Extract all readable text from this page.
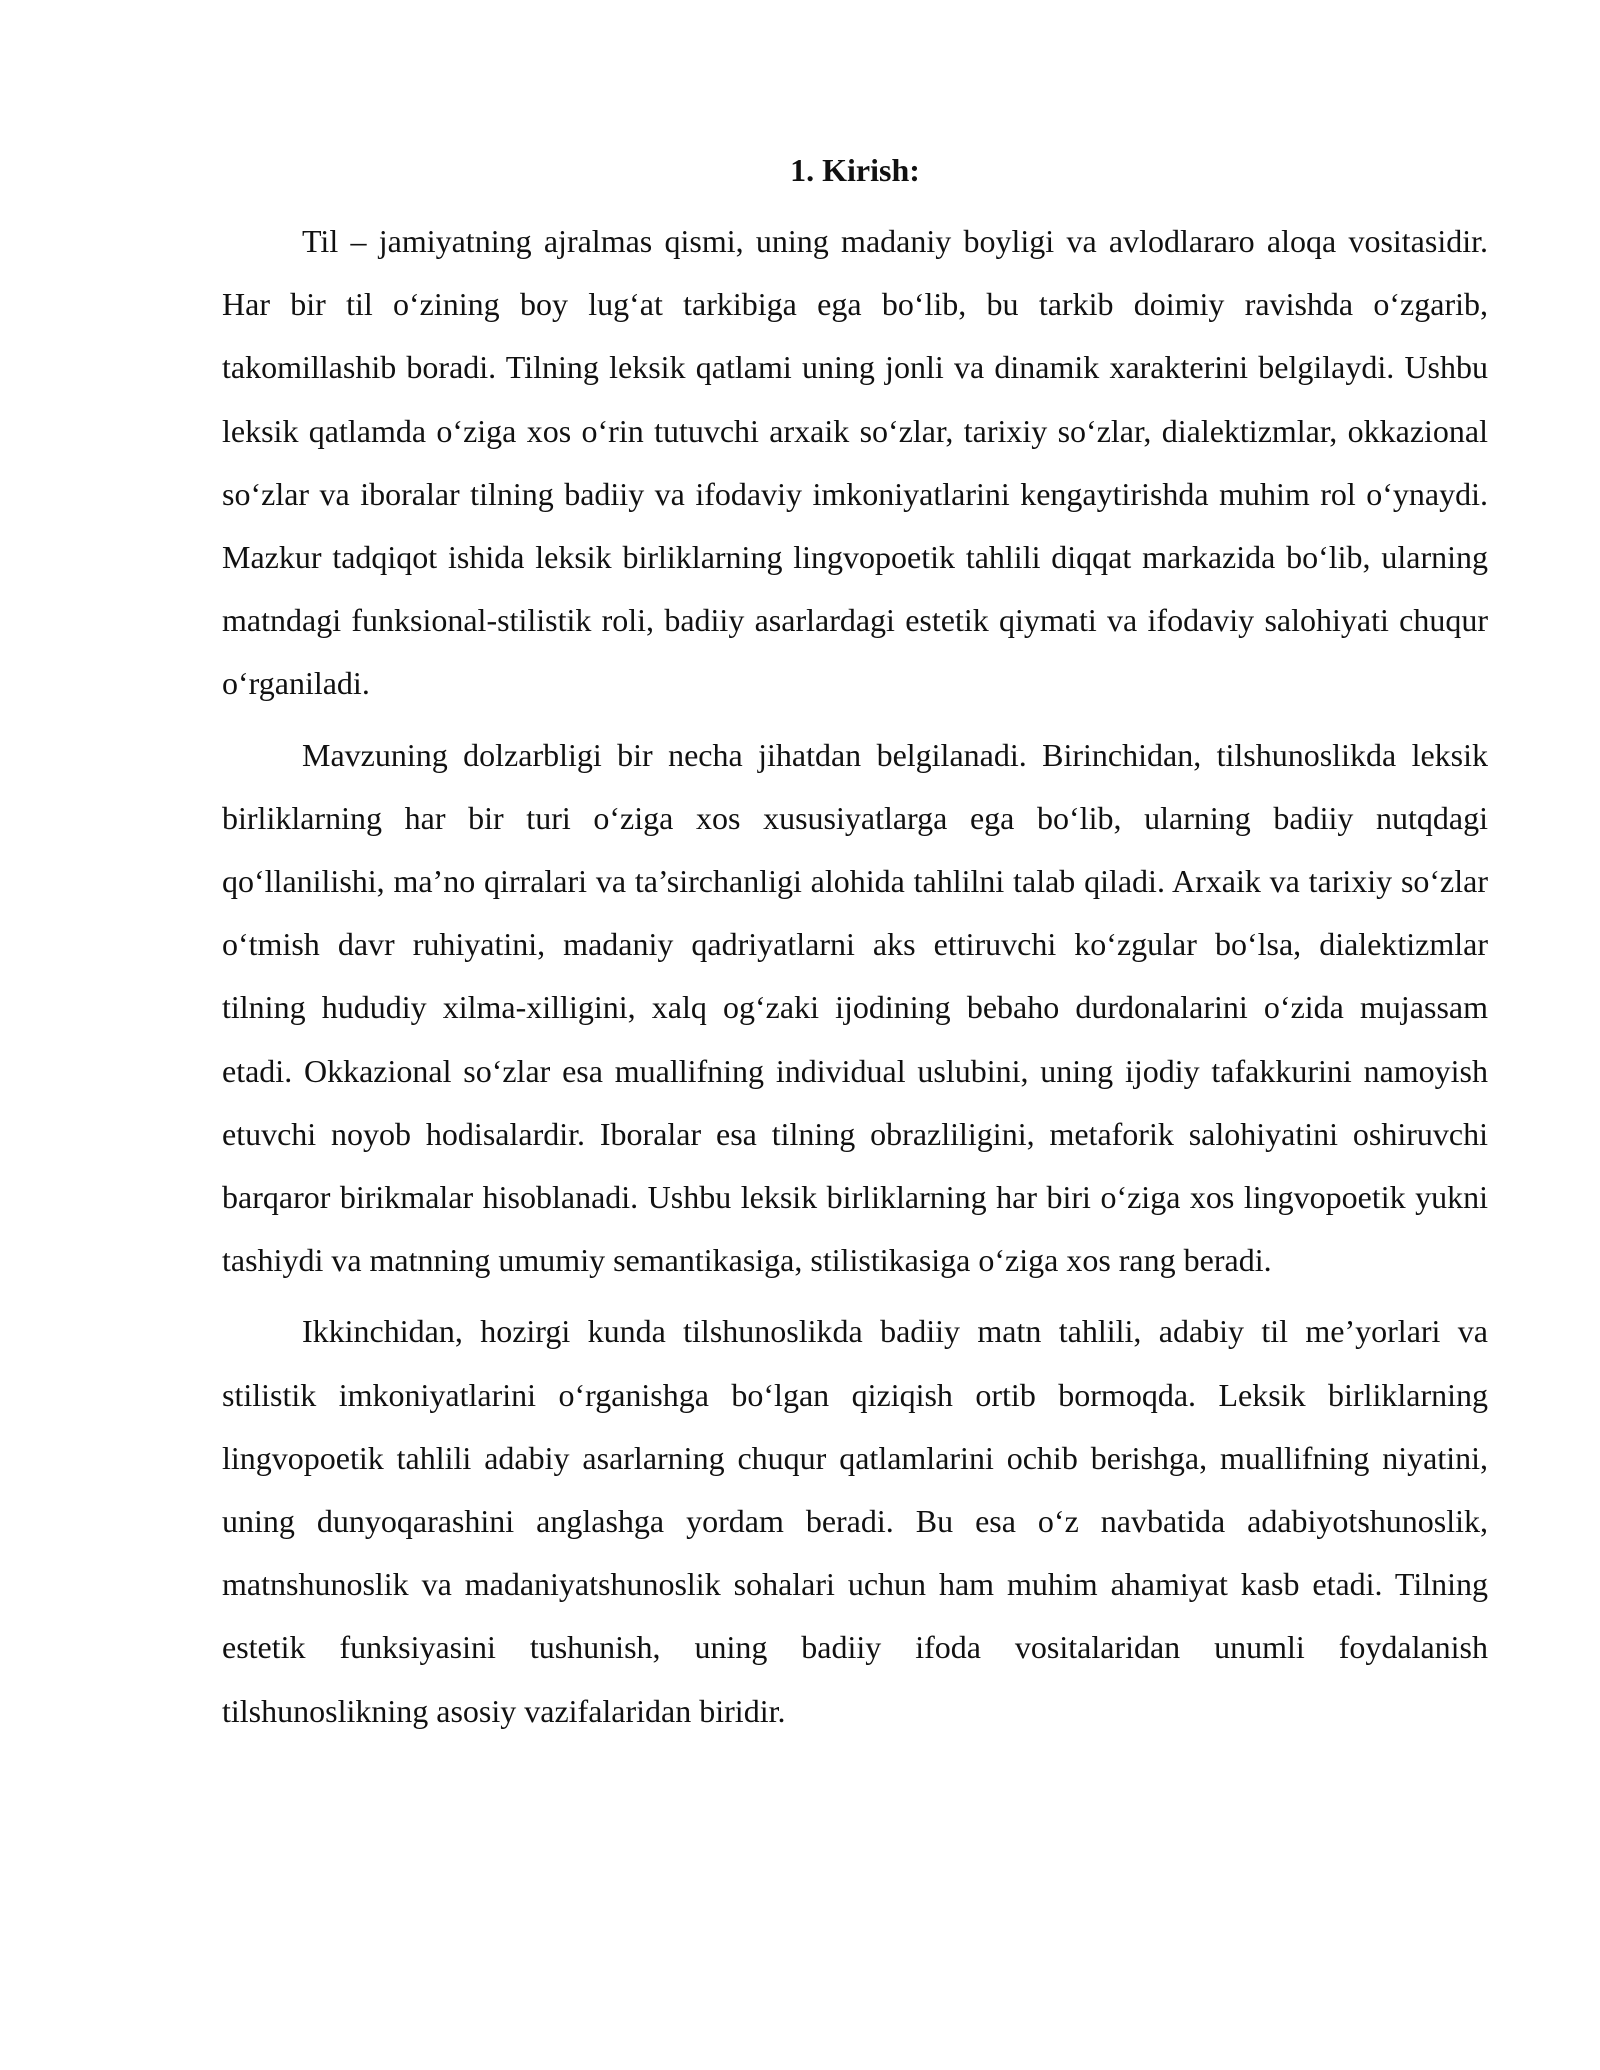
1. Kirish:

Til – jamiyatning ajralmas qismi, uning madaniy boyligi va avlodlararo aloqa vositasidir. Har bir til o‘zining boy lug‘at tarkibiga ega bo‘lib, bu tarkib doimiy ravishda o‘zgarib, takomillashib boradi. Tilning leksik qatlami uning jonli va dinamik xarakterini belgilaydi. Ushbu leksik qatlamda o‘ziga xos o‘rin tutuvchi arxaik so‘zlar, tarixiy so‘zlar, dialektizmlar, okkazional so‘zlar va iboralar tilning badiiy va ifodaviy imkoniyatlarini kengaytirishda muhim rol o‘ynaydi. Mazkur tadqiqot ishida leksik birliklarning lingvopoetik tahlili diqqat markazida bo‘lib, ularning matndagi funksional-stilistik roli, badiiy asarlardagi estetik qiymati va ifodaviy salohiyati chuqur o‘rganiladi.

Mavzuning dolzarbligi bir necha jihatdan belgilanadi. Birinchidan, tilshunoslikda leksik birliklarning har bir turi o‘ziga xos xususiyatlarga ega bo‘lib, ularning badiiy nutqdagi qo‘llanilishi, ma’no qirralari va ta’sirchanligi alohida tahlilni talab qiladi. Arxaik va tarixiy so‘zlar o‘tmish davr ruhiyatini, madaniy qadriyatlarni aks ettiruvchi ko‘zgular bo‘lsa, dialektizmlar tilning hududiy xilma-xilligini, xalq og‘zaki ijodining bebaho durdonalarini o‘zida mujassam etadi. Okkazional so‘zlar esa muallifning individual uslubini, uning ijodiy tafakkurini namoyish etuvchi noyob hodisalardir. Iboralar esa tilning obrazliligini, metaforik salohiyatini oshiruvchi barqaror birikmalar hisoblanadi. Ushbu leksik birliklarning har biri o‘ziga xos lingvopoetik yukni tashiydi va matnning umumiy semantikasiga, stilistikasiga o‘ziga xos rang beradi.

Ikkinchidan, hozirgi kunda tilshunoslikda badiiy matn tahlili, adabiy til me’yorlari va stilistik imkoniyatlarini o‘rganishga bo‘lgan qiziqish ortib bormoqda. Leksik birliklarning lingvopoetik tahlili adabiy asarlarning chuqur qatlamlarini ochib berishga, muallifning niyatini, uning dunyoqarashini anglashga yordam beradi. Bu esa o‘z navbatida adabiyotshunoslik, matnshunoslik va madaniyatshunoslik sohalari uchun ham muhim ahamiyat kasb etadi. Tilning estetik funksiyasini tushunish, uning badiiy ifoda vositalaridan unumli foydalanish tilshunoslikning asosiy vazifalaridan biridir.
